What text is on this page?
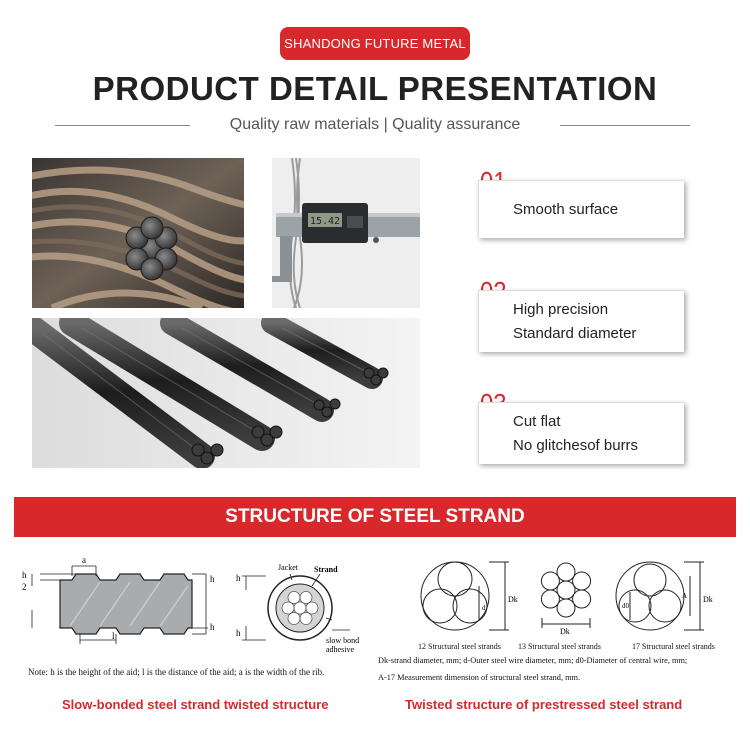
SHANDONG FUTURE METAL
PRODUCT DETAIL PRESENTATION
Quality raw materials | Quality assurance
15.42
Smooth surface
High precision
Standard diameter
Cut flat
No glitchesof burrs
STRUCTURE OF STEEL STRAND
a
h
2
h
h
l
Jacket Strand
slow bond
adhesive
h
h
Note: h is the height of the aid; l is the distance of the aid; a is the width of the rib.
Slow-bonded steel strand twisted structure
Dk
d
Dk
Dk
A
d0
12 Structural steel strands 13 Structural steel strands	17 Structural steel strands
Dk-strand diameter, mm; d-Outer steel wire diameter, mm; d0-Diameter of central wire, mm;
A-17 Measurement dimension of structural steel strand, mm.
Twisted structure of prestressed steel strand
